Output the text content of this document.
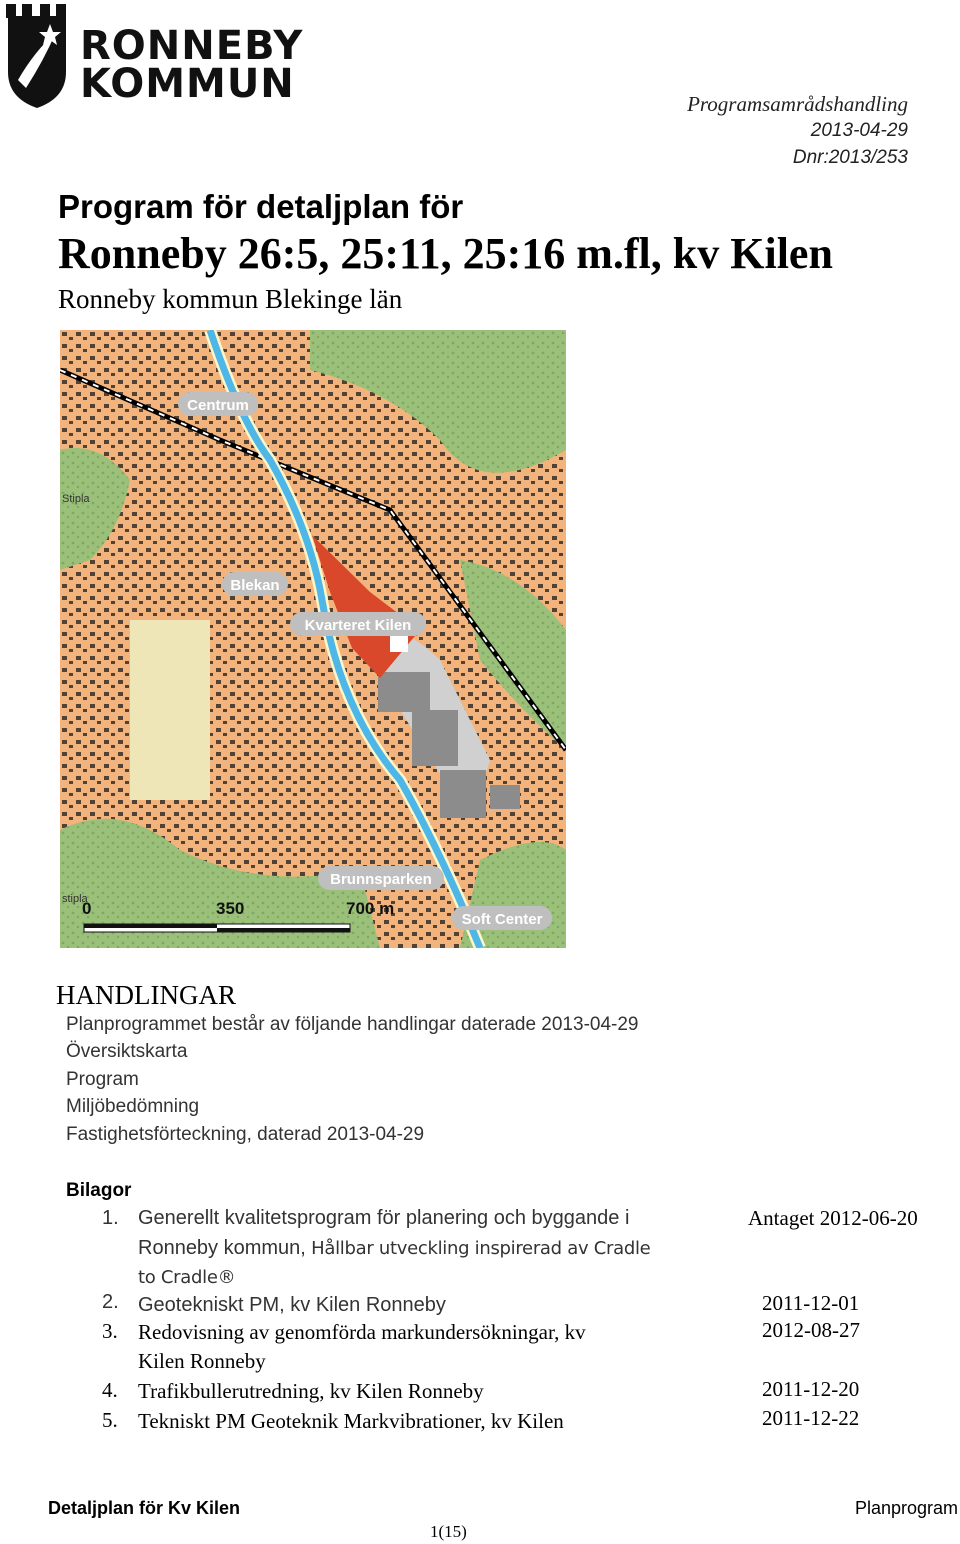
RONNEBY
KOMMUN	Programsamrådshandling
2013-04-29
Dnr:2013/253
Program för detaljplan för
Ronneby 26:5, 25:11, 25:16 m.fl, kv Kilen
Ronneby kommun Blekinge län
Centrum
Blekan
Kvarteret Kilen
Brunnsparken
Soft Center
Stipla
stipla
0	350	700 m
HANDLINGAR
Planprogrammet består av följande handlingar daterade 2013-04-29
Översiktskarta
Program
Miljöbedömning
Fastighetsförteckning, daterad 2013-04-29
Bilagor
1. Generellt kvalitetsprogram för planering och byggande i
Ronneby kommun, Hållbar utveckling inspirerad av Cradle
to Cradle®
Antaget 2012-06-20
2. Geotekniskt PM, kv Kilen Ronneby	2011-12-01
3. Redovisning av genomförda markundersökningar, kv
Kilen Ronneby
2012-08-27
4. Trafikbullerutredning, kv Kilen Ronneby	2011-12-20
5. Tekniskt PM Geoteknik Markvibrationer, kv Kilen	2011-12-22
Detaljplan för Kv Kilen	Planprogram
1(15)
